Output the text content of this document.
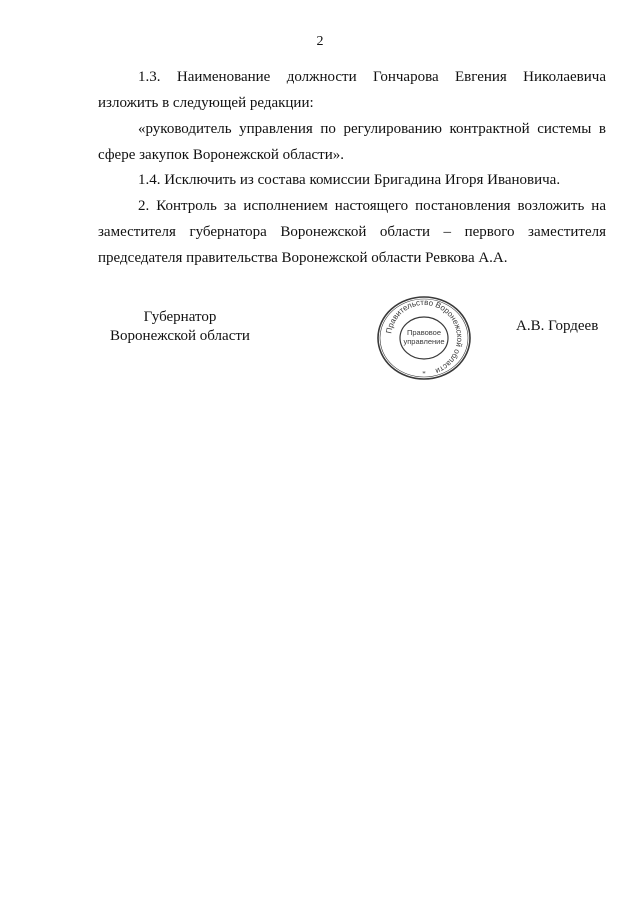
2
1.3. Наименование должности Гончарова Евгения Николаевича
изложить в следующей редакции:
«руководитель управления по регулированию контрактной системы в
сфере закупок Воронежской области».
1.4. Исключить из состава комиссии Бригадина Игоря Ивановича.
2. Контроль за исполнением настоящего постановления возложить на
заместителя губернатора Воронежской области – первого заместителя
председателя правительства Воронежской области Ревкова А.А.
Губернатор
Воронежской области	Правительство Воронежской области
Правовое
управление
*
А.В. Гордеев
